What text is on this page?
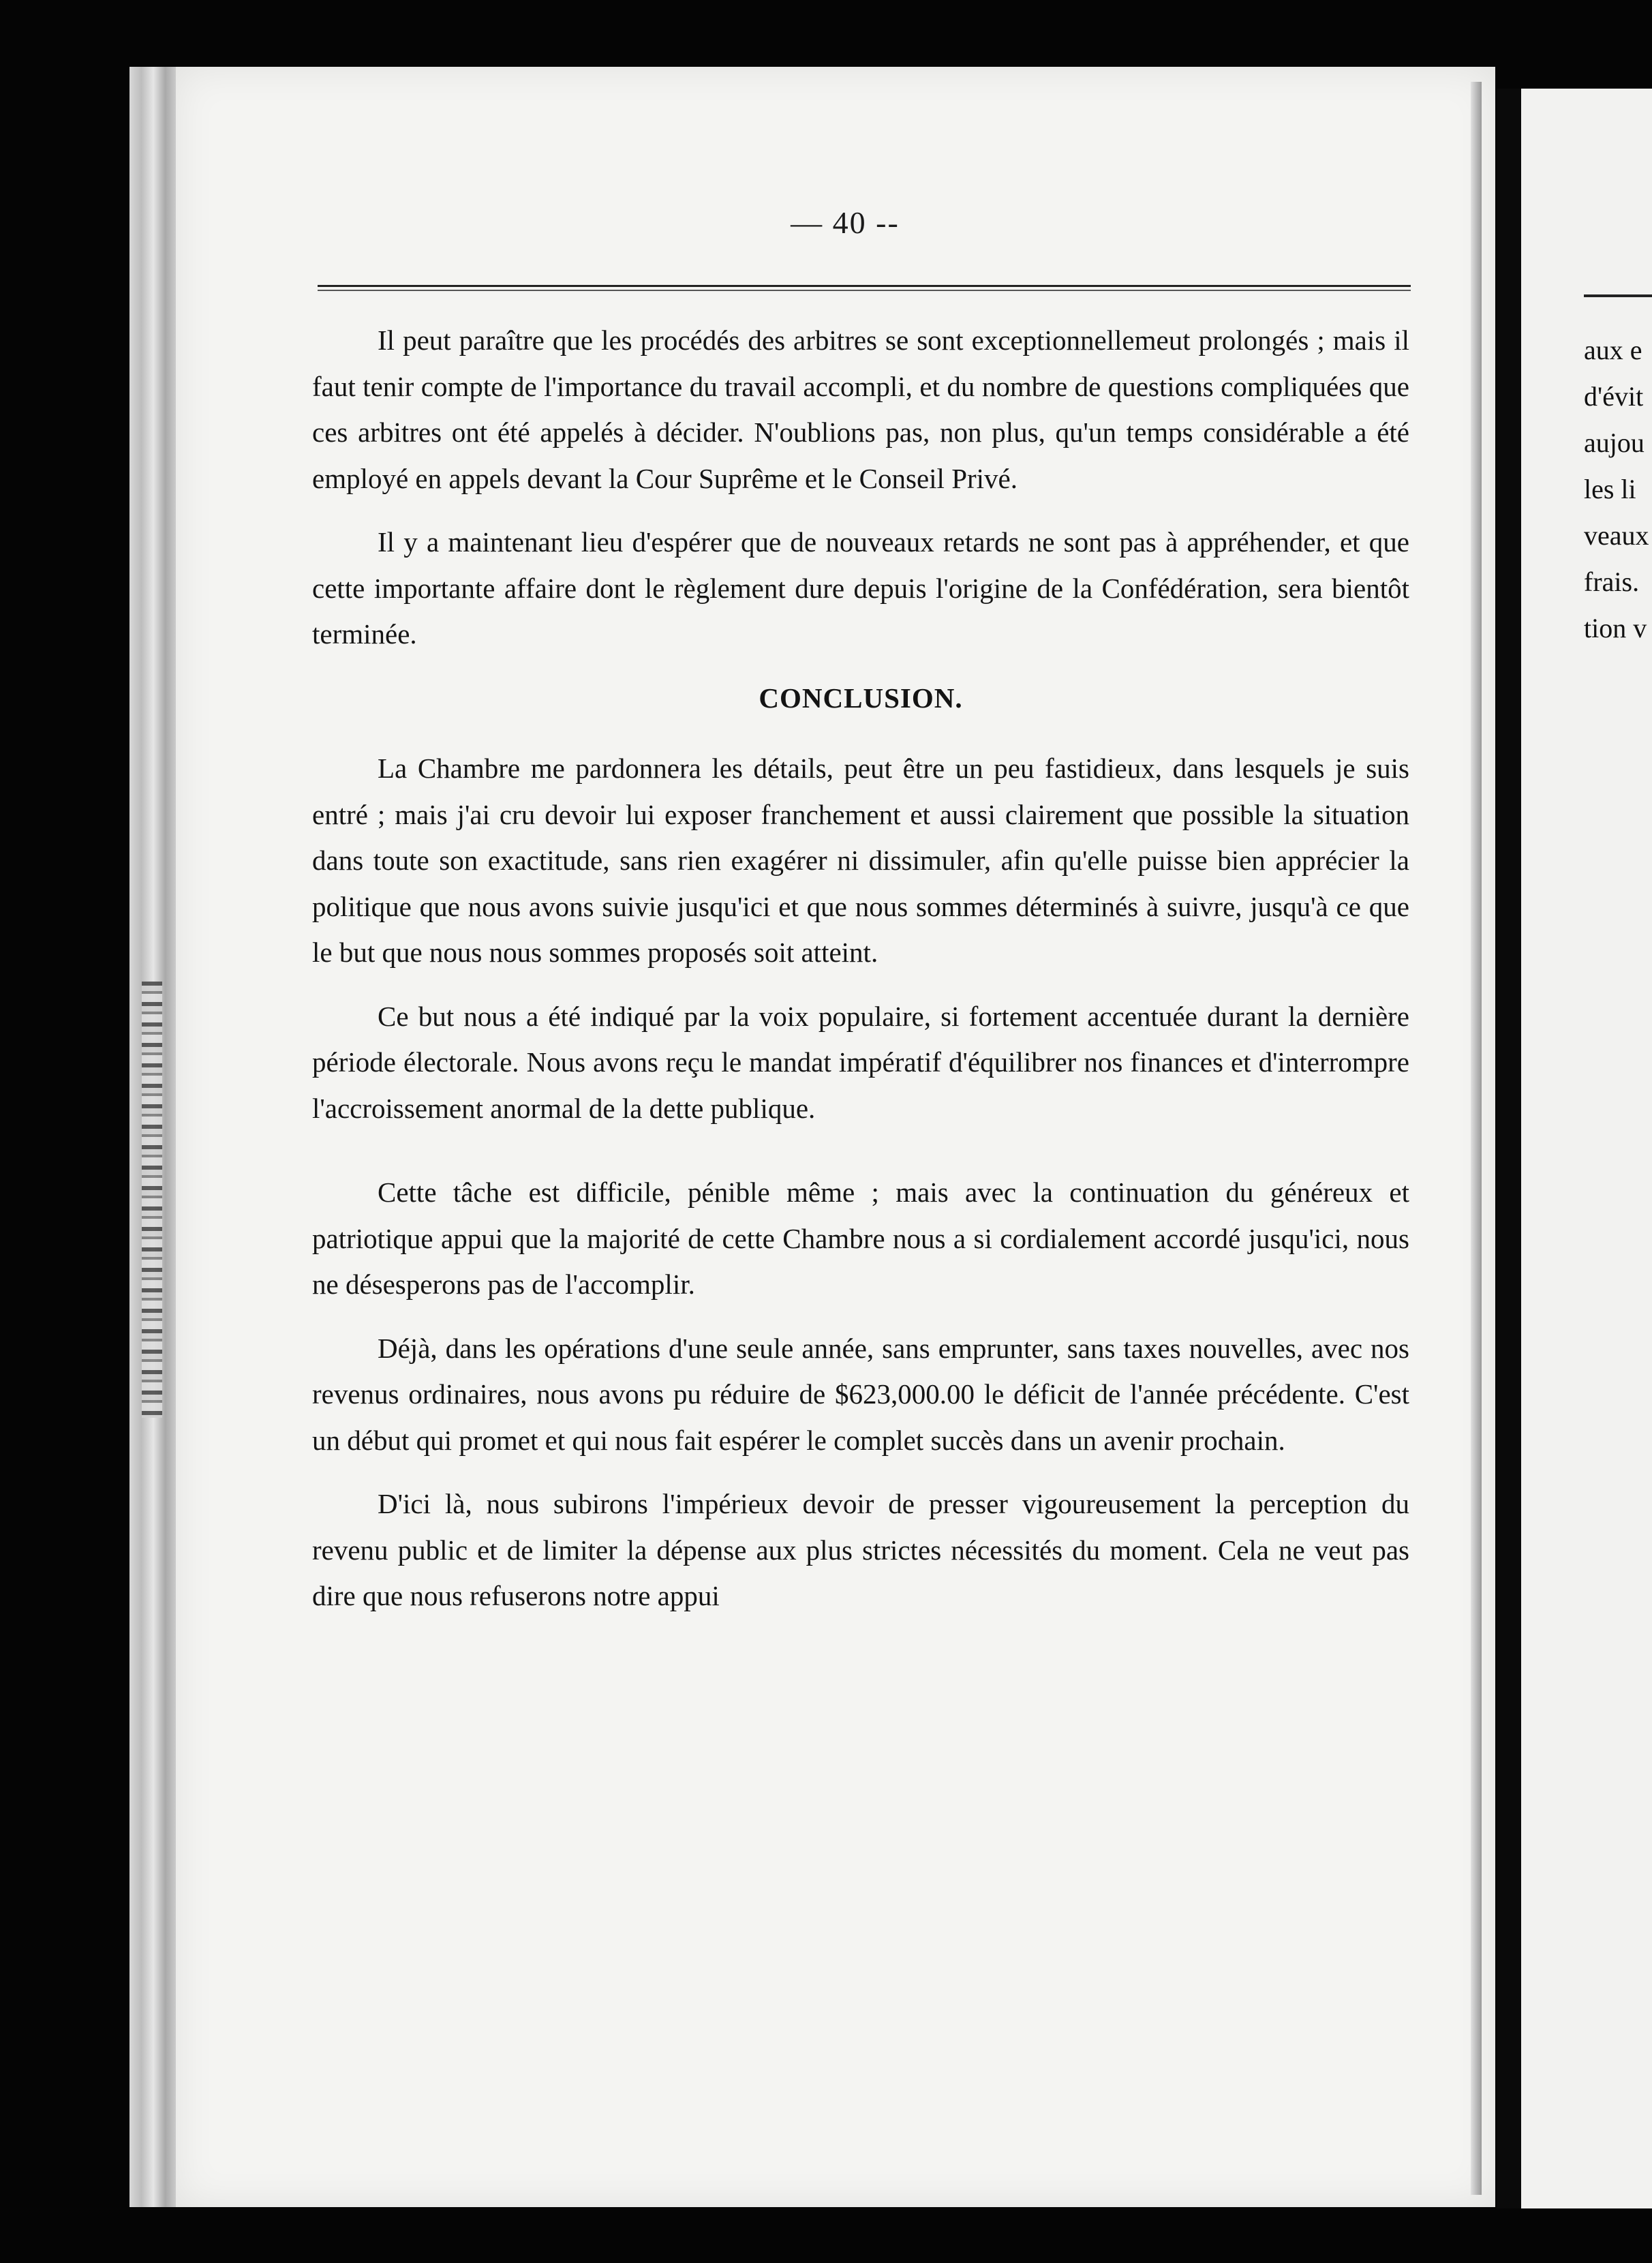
aux e
d'évit
aujou
les li
veaux
frais.
tion v
— 40 --

Il peut paraître que les procédés des arbitres se sont exceptionnellemeut prolongés ; mais il faut tenir compte de l'importance du travail accompli, et du nombre de questions compliquées que ces arbitres ont été appelés à décider. N'oublions pas, non plus, qu'un temps considérable a été employé en appels devant la Cour Suprême et le Conseil Privé.

Il y a maintenant lieu d'espérer que de nouveaux retards ne sont pas à appréhender, et que cette importante affaire dont le règlement dure depuis l'origine de la Confédération, sera bientôt terminée.

CONCLUSION.

La Chambre me pardonnera les détails, peut être un peu fastidieux, dans lesquels je suis entré ; mais j'ai cru devoir lui exposer franchement et aussi clairement que possible la situation dans toute son exactitude, sans rien exagérer ni dissimuler, afin qu'elle puisse bien apprécier la politique que nous avons suivie jusqu'ici et que nous sommes déterminés à suivre, jusqu'à ce que le but que nous nous sommes proposés soit atteint.

Ce but nous a été indiqué par la voix populaire, si fortement accentuée durant la dernière période électorale. Nous avons reçu le mandat impératif d'équilibrer nos finances et d'interrompre l'accroissement anormal de la dette publique.

Cette tâche est difficile, pénible même ; mais avec la continuation du généreux et patriotique appui que la majorité de cette Chambre nous a si cordialement accordé jusqu'ici, nous ne désesperons pas de l'accomplir.

Déjà, dans les opérations d'une seule année, sans emprunter, sans taxes nouvelles, avec nos revenus ordinaires, nous avons pu réduire de $623,000.00 le déficit de l'année précédente. C'est un début qui promet et qui nous fait espérer le complet succès dans un avenir prochain.

D'ici là, nous subirons l'impérieux devoir de presser vigoureusement la perception du revenu public et de limiter la dépense aux plus strictes nécessités du moment. Cela ne veut pas dire que nous refuserons notre appui
